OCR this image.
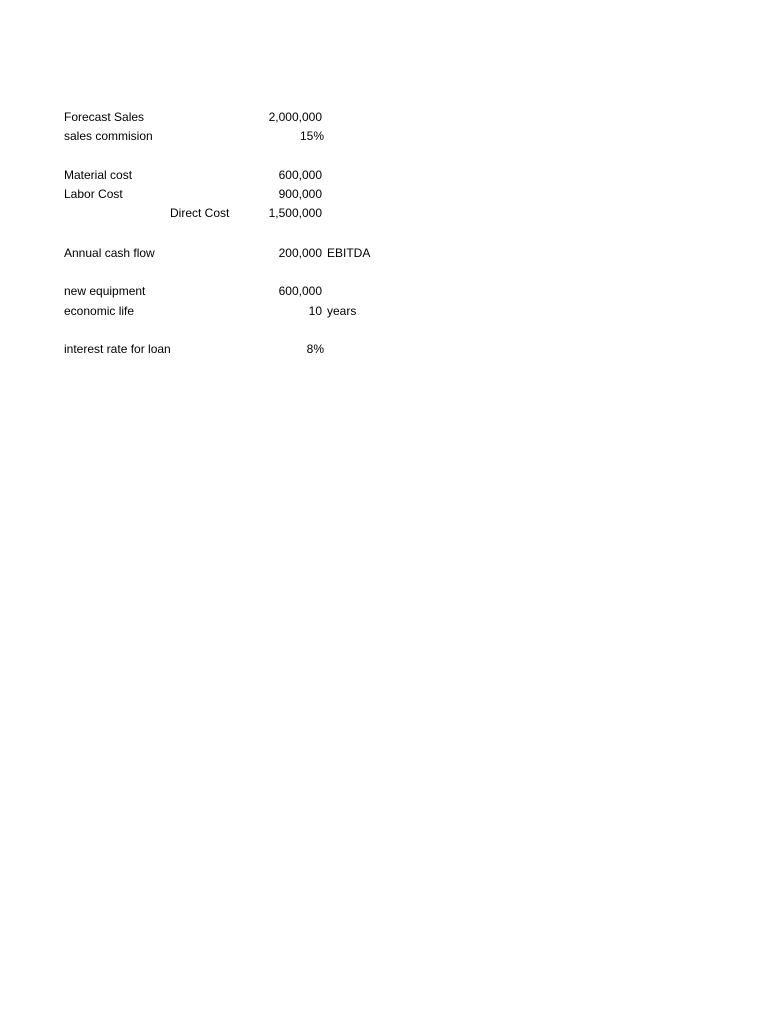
Forecast Sales	2,000,000
sales commision	15%
Material cost	600,000
Labor Cost	900,000
Direct Cost	1,500,000
Annual cash flow	200,000 EBITDA
new equipment	600,000
economic life	10 years
interest rate for loan	8%
